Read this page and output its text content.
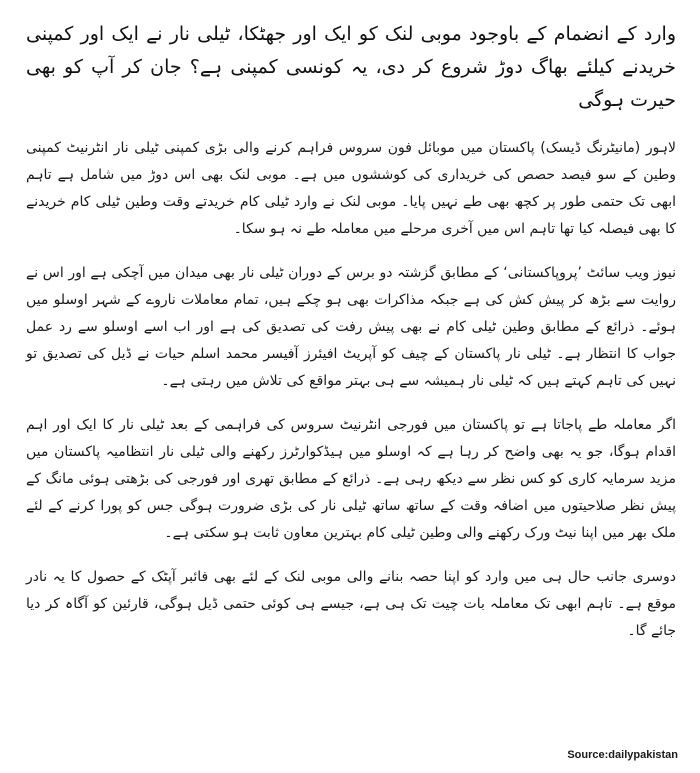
وارد کے انضمام کے باوجود موبی لنک کو ایک اور جھٹکا، ٹیلی نار نے ایک اور کمپنی خریدنے کیلئے بھاگ دوڑ شروع کر دی، یہ کونسی کمپنی ہے؟ جان کر آپ کو بھی حیرت ہوگی

لاہور (مانیٹرنگ ڈیسک) پاکستان میں موبائل فون سروس فراہم کرنے والی بڑی کمپنی ٹیلی نار انٹرنیٹ کمپنی وطین کے سو فیصد حصص کی خریداری کی کوششوں میں ہے۔ موبی لنک بھی اس دوڑ میں شامل ہے تاہم ابھی تک حتمی طور پر کچھ بھی طے نہیں پایا۔ موبی لنک نے وارد ٹیلی کام خریدتے وقت وطین ٹیلی کام خریدنے کا بھی فیصلہ کیا تھا تاہم اس میں آخری مرحلے میں معاملہ طے نہ ہو سکا۔

نیوز ویب سائٹ ’پروپاکستانی‘ کے مطابق گزشتہ دو برس کے دوران ٹیلی نار بھی میدان میں آچکی ہے اور اس نے روایت سے بڑھ کر پیش کش کی ہے جبکہ مذاکرات بھی ہو چکے ہیں، تمام معاملات ناروے کے شہر اوسلو میں ہوئے۔ ذرائع کے مطابق وطین ٹیلی کام نے بھی پیش رفت کی تصدیق کی ہے اور اب اسے اوسلو سے رد عمل جواب کا انتظار ہے۔ ٹیلی نار پاکستان کے چیف کو آپریٹ افیئرز آفیسر محمد اسلم حیات نے ڈیل کی تصدیق تو نہیں کی تاہم کہتے ہیں کہ ٹیلی نار ہمیشہ سے ہی بہتر مواقع کی تلاش میں رہتی ہے۔

اگر معاملہ طے پاجاتا ہے تو پاکستان میں فورجی انٹرنیٹ سروس کی فراہمی کے بعد ٹیلی نار کا ایک اور اہم اقدام ہوگا، جو یہ بھی واضح کر رہا ہے کہ اوسلو میں ہیڈکوارٹرز رکھنے والی ٹیلی نار انتظامیہ پاکستان میں مزید سرمایہ کاری کو کس نظر سے دیکھ رہی ہے۔ ذرائع کے مطابق تھری اور فورجی کی بڑھتی ہوئی مانگ کے پیش نظر صلاحیتوں میں اضافہ وقت کے ساتھ ساتھ ٹیلی نار کی بڑی ضرورت ہوگی جس کو پورا کرنے کے لئے ملک بھر میں اپنا نیٹ ورک رکھنے والی وطین ٹیلی کام بہترین معاون ثابت ہو سکتی ہے۔

دوسری جانب حال ہی میں وارد کو اپنا حصہ بنانے والی موبی لنک کے لئے بھی فائبر آپٹک کے حصول کا یہ نادر موقع ہے۔ تاہم ابھی تک معاملہ بات چیت تک ہی ہے، جیسے ہی کوئی حتمی ڈیل ہوگی، قارئین کو آگاہ کر دیا جائے گا۔

Source:dailypakistan
